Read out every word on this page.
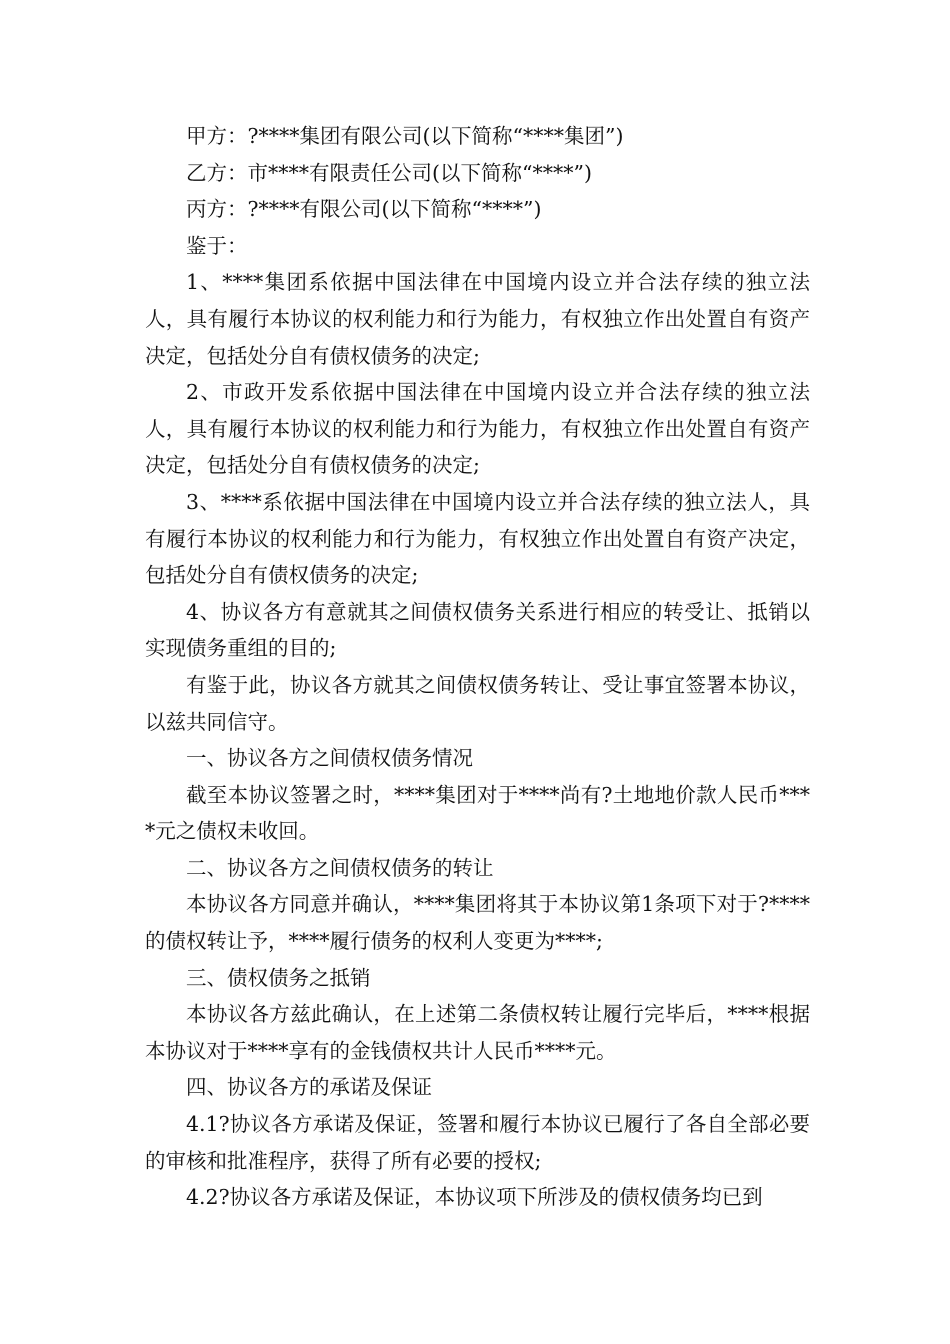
甲方：?****集团有限公司(以下简称“****集团”)

乙方：市****有限责任公司(以下简称“****”)

丙方：?****有限公司(以下简称“****”)

鉴于：

1、****集团系依据中国法律在中国境内设立并合法存续的独立法人，具有履行本协议的权利能力和行为能力，有权独立作出处置自有资产决定，包括处分自有债权债务的决定;

2、市政开发系依据中国法律在中国境内设立并合法存续的独立法人，具有履行本协议的权利能力和行为能力，有权独立作出处置自有资产决定，包括处分自有债权债务的决定;

3、****系依据中国法律在中国境内设立并合法存续的独立法人，具有履行本协议的权利能力和行为能力，有权独立作出处置自有资产决定，包括处分自有债权债务的决定;

4、协议各方有意就其之间债权债务关系进行相应的转受让、抵销以实现债务重组的目的;

有鉴于此，协议各方就其之间债权债务转让、受让事宜签署本协议，以兹共同信守。

一、协议各方之间债权债务情况

截至本协议签署之时，****集团对于****尚有?土地地价款人民币****元之债权未收回。

二、协议各方之间债权债务的转让

本协议各方同意并确认，****集团将其于本协议第1条项下对于?****的债权转让予，****履行债务的权利人变更为****;

三、债权债务之抵销

本协议各方兹此确认，在上述第二条债权转让履行完毕后，****根据本协议对于****享有的金钱债权共计人民币****元。

四、协议各方的承诺及保证

4.1?协议各方承诺及保证，签署和履行本协议已履行了各自全部必要的审核和批准程序，获得了所有必要的授权;

4.2?协议各方承诺及保证，本协议项下所涉及的债权债务均已到
